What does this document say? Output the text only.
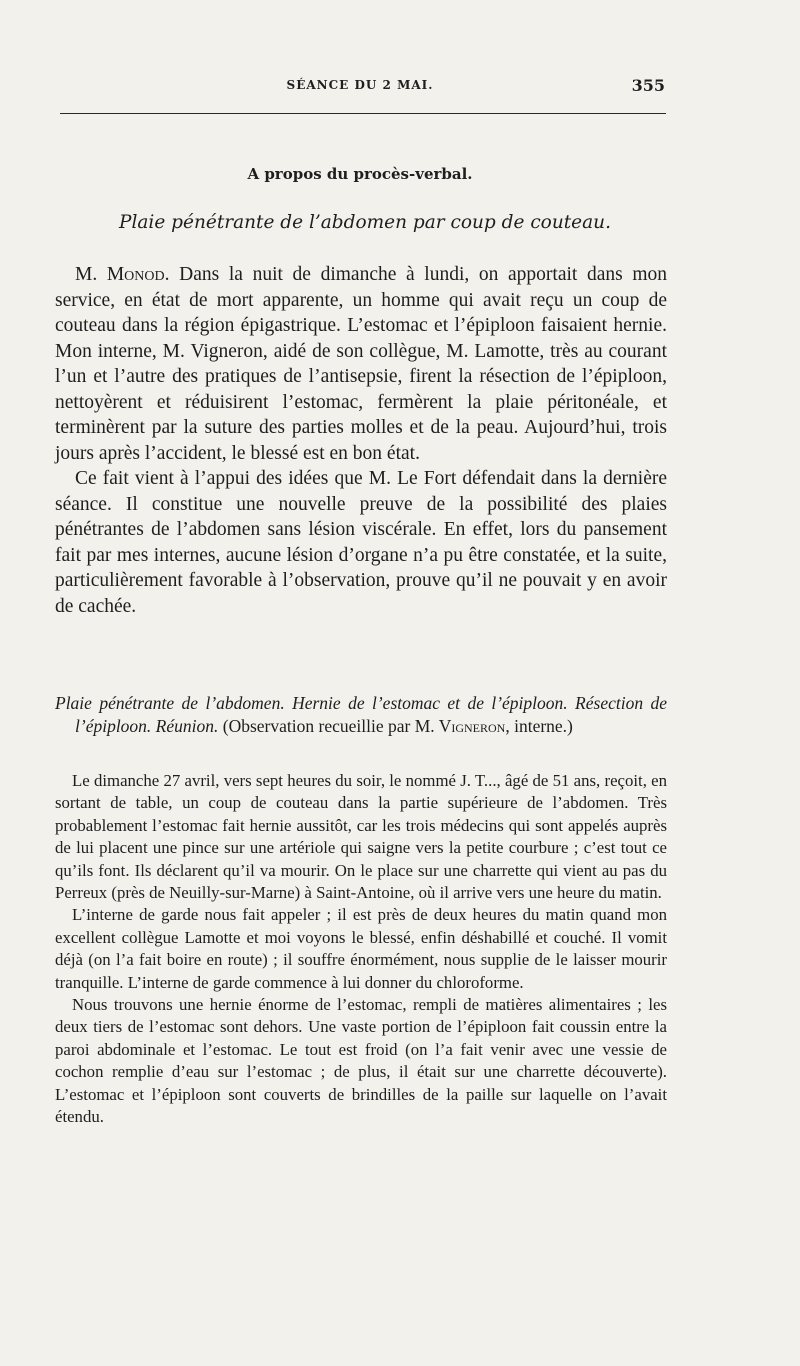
SÉANCE DU 2 MAI.	355
A propos du procès-verbal.
Plaie pénétrante de l’abdomen par coup de couteau.

M. Monod. Dans la nuit de dimanche à lundi, on apportait dans mon service, en état de mort apparente, un homme qui avait reçu un coup de couteau dans la région épigastrique. L’estomac et l’épiploon faisaient hernie. Mon interne, M. Vigneron, aidé de son collègue, M. Lamotte, très au courant l’un et l’autre des pratiques de l’antisepsie, firent la résection de l’épiploon, nettoyèrent et réduisirent l’estomac, fermèrent la plaie péritonéale, et terminèrent par la suture des parties molles et de la peau. Aujourd’hui, trois jours après l’accident, le blessé est en bon état.

Ce fait vient à l’appui des idées que M. Le Fort défendait dans la dernière séance. Il constitue une nouvelle preuve de la possibilité des plaies pénétrantes de l’abdomen sans lésion viscérale. En effet, lors du pansement fait par mes internes, aucune lésion d’organe n’a pu être constatée, et la suite, particulièrement favorable à l’observation, prouve qu’il ne pouvait y en avoir de cachée.

Plaie pénétrante de l’abdomen. Hernie de l’estomac et de l’épiploon. Résection de l’épiploon. Réunion. (Observation recueillie par M. Vigneron, interne.)

Le dimanche 27 avril, vers sept heures du soir, le nommé J. T..., âgé de 51 ans, reçoit, en sortant de table, un coup de couteau dans la partie supérieure de l’abdomen. Très probablement l’estomac fait hernie aussitôt, car les trois médecins qui sont appelés auprès de lui placent une pince sur une artériole qui saigne vers la petite courbure ; c’est tout ce qu’ils font. Ils déclarent qu’il va mourir. On le place sur une charrette qui vient au pas du Perreux (près de Neuilly-sur-Marne) à Saint-Antoine, où il arrive vers une heure du matin.

L’interne de garde nous fait appeler ; il est près de deux heures du matin quand mon excellent collègue Lamotte et moi voyons le blessé, enfin déshabillé et couché. Il vomit déjà (on l’a fait boire en route) ; il souffre énormément, nous supplie de le laisser mourir tranquille. L’interne de garde commence à lui donner du chloroforme.

Nous trouvons une hernie énorme de l’estomac, rempli de matières alimentaires ; les deux tiers de l’estomac sont dehors. Une vaste portion de l’épiploon fait coussin entre la paroi abdominale et l’estomac. Le tout est froid (on l’a fait venir avec une vessie de cochon remplie d’eau sur l’estomac ; de plus, il était sur une charrette découverte). L’estomac et l’épiploon sont couverts de brindilles de la paille sur laquelle on l’avait étendu.
